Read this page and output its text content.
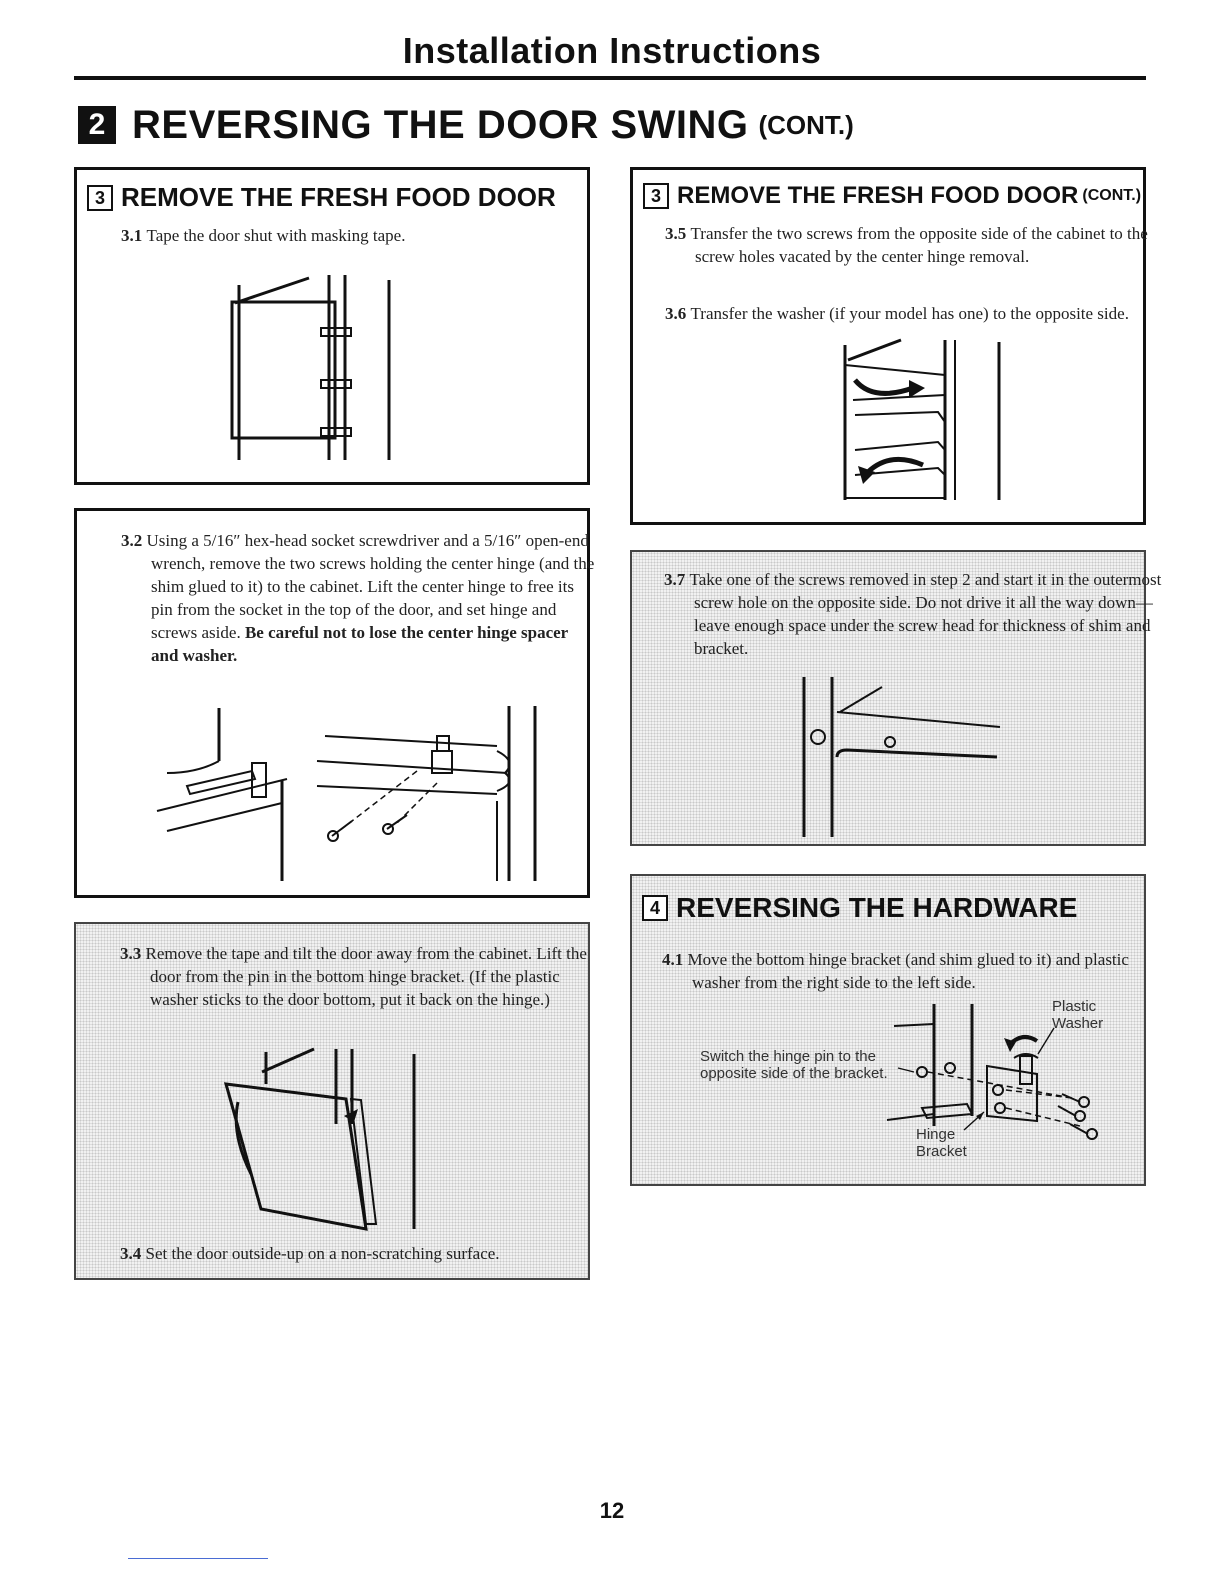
Installation Instructions
2 REVERSING THE DOOR SWING (CONT.)
3 REMOVE THE FRESH FOOD DOOR
3.1 Tape the door shut with masking tape.
3.2 Using a 5/16″ hex-head socket screwdriver and a 5/16″ open-end wrench, remove the two screws holding the center hinge (and the shim glued to it) to the cabinet. Lift the center hinge to free its pin from the socket in the top of the door, and set hinge and screws aside. Be careful not to lose the center hinge spacer and washer.
3.3 Remove the tape and tilt the door away from the cabinet. Lift the door from the pin in the bottom hinge bracket. (If the plastic washer sticks to the door bottom, put it back on the hinge.)
3.4 Set the door outside-up on a non-scratching surface.
3 REMOVE THE FRESH FOOD DOOR (CONT.)
3.5 Transfer the two screws from the opposite side of the cabinet to the screw holes vacated by the center hinge removal.
3.6 Transfer the washer (if your model has one) to the opposite side.
3.7 Take one of the screws removed in step 2 and start it in the outermost screw hole on the opposite side. Do not drive it all the way down—leave enough space under the screw head for thickness of shim and bracket.
4 REVERSING THE HARDWARE
4.1 Move the bottom hinge bracket (and shim glued to it) and plastic washer from the right side to the left side.
Plastic
Washer
Switch the hinge pin to the
opposite side of the bracket.
Hinge
Bracket
12
